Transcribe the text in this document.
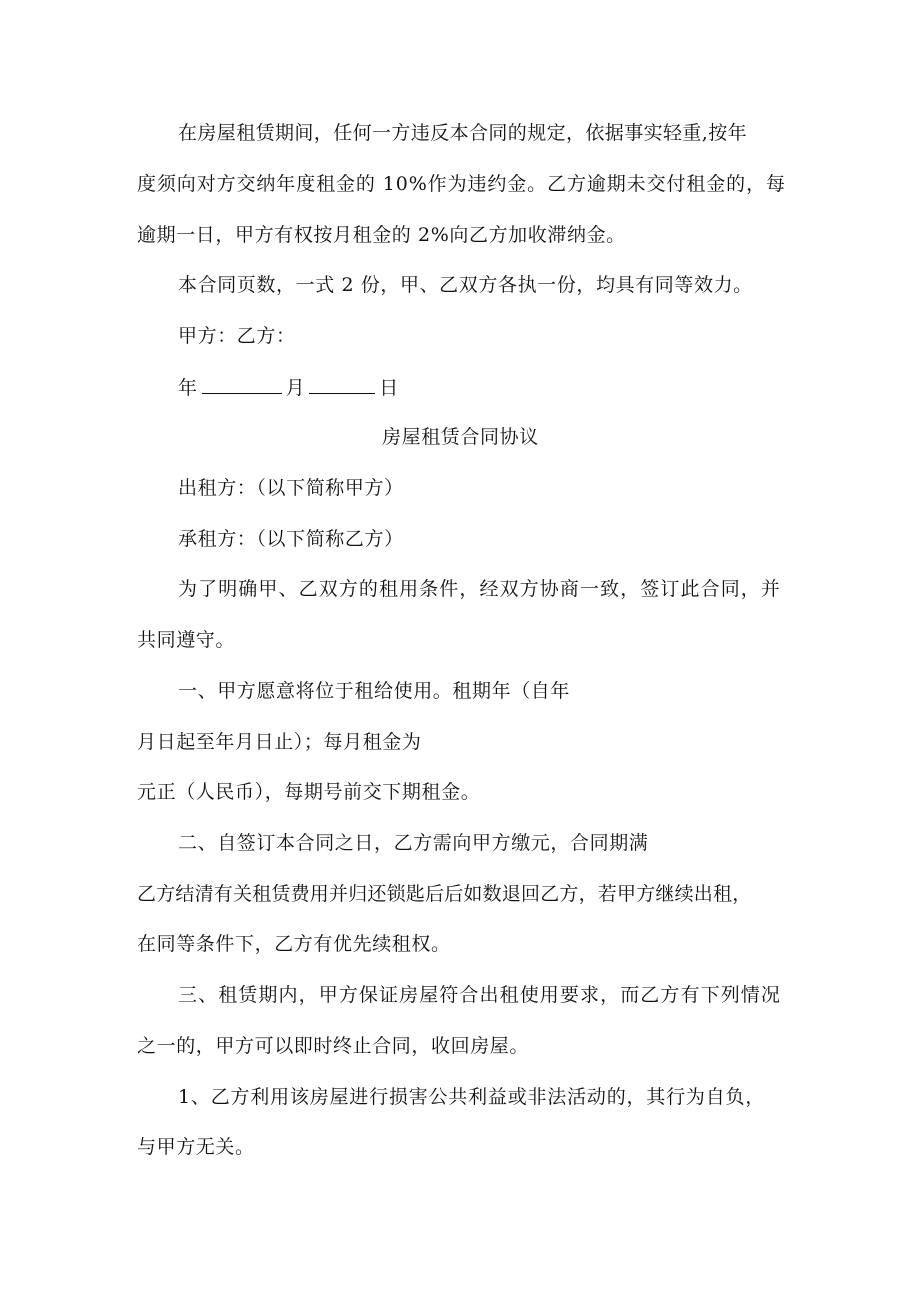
在房屋租赁期间，任何一方违反本合同的规定，依据事实轻重,按年
度须向对方交纳年度租金的 10%作为违约金。乙方逾期未交付租金的，每
逾期一日，甲方有权按月租金的 2%向乙方加收滞纳金。
本合同页数，一式 2 份，甲、乙双方各执一份，均具有同等效力。
甲方：乙方：
年	月	日
房屋租赁合同协议
出租方：（以下简称甲方）
承租方：（以下简称乙方）
为了明确甲、乙双方的租用条件，经双方协商一致，签订此合同，并
共同遵守。
一、甲方愿意将位于租给使用。租期年（自年
月日起至年月日止）；每月租金为
元正（人民币），每期号前交下期租金。
二、自签订本合同之日，乙方需向甲方缴元，合同期满
乙方结清有关租赁费用并归还锁匙后后如数退回乙方，若甲方继续出租，
在同等条件下，乙方有优先续租权。
三、租赁期内，甲方保证房屋符合出租使用要求，而乙方有下列情况
之一的，甲方可以即时终止合同，收回房屋。
1、乙方利用该房屋进行损害公共利益或非法活动的，其行为自负，
与甲方无关。
